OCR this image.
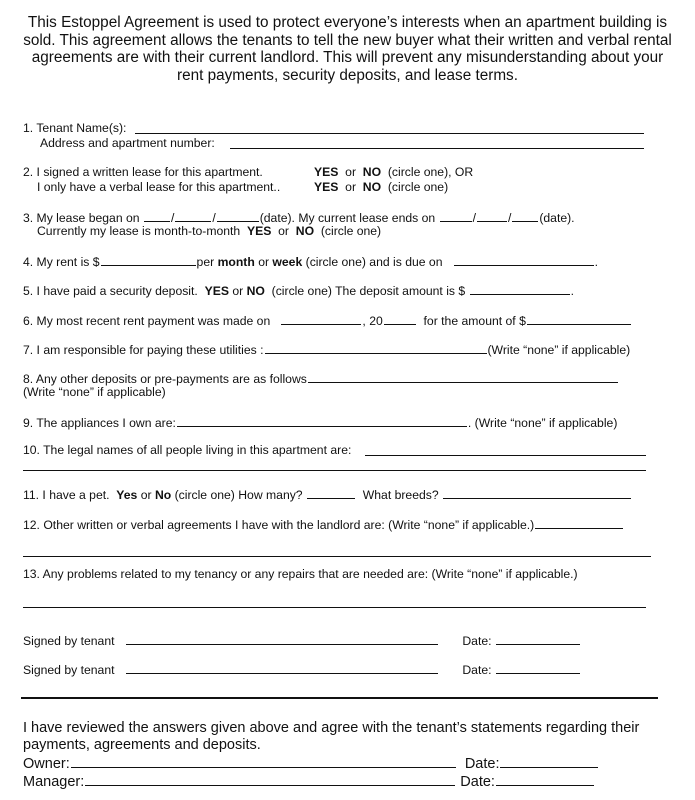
This Estoppel Agreement is used to protect everyone’s interests when an apartment building is sold. This agreement allows the tenants to tell the new buyer what their written and verbal rental agreements are with their current landlord. This will prevent any misunderstanding about your rent payments, security deposits, and lease terms.
1. Tenant Name(s):
Address and apartment number:
2. I signed a written lease for this apartment.	YES or NO (circle one), OR
I only have a verbal lease for this apartment..	YES or NO (circle one)
3. My lease began on	/	/	(date). My current lease ends on	/	/ (date).
Currently my lease is month-to-month YES or NO (circle one)
4. My rent is $	per month or week (circle one) and is due on	.
5. I have paid a security deposit. YES or NO (circle one) The deposit amount is $	.
6. My most recent rent payment was made on	, 20	for the amount of $
7. I am responsible for paying these utilities :	(Write “none” if applicable)
8. Any other deposits or pre-payments are as follows
(Write “none” if applicable)
9. The appliances I own are:	. (Write “none” if applicable)
10. The legal names of all people living in this apartment are:
11. I have a pet. Yes or No (circle one) How many?	What breeds?
12. Other written or verbal agreements I have with the landlord are: (Write “none” if applicable.)
13. Any problems related to my tenancy or any repairs that are needed are: (Write “none” if applicable.)
Signed by tenant	Date:
Signed by tenant	Date:
I have reviewed the answers given above and agree with the tenant’s statements regarding their payments, agreements and deposits.
Owner:	Date:
Manager:	Date:
